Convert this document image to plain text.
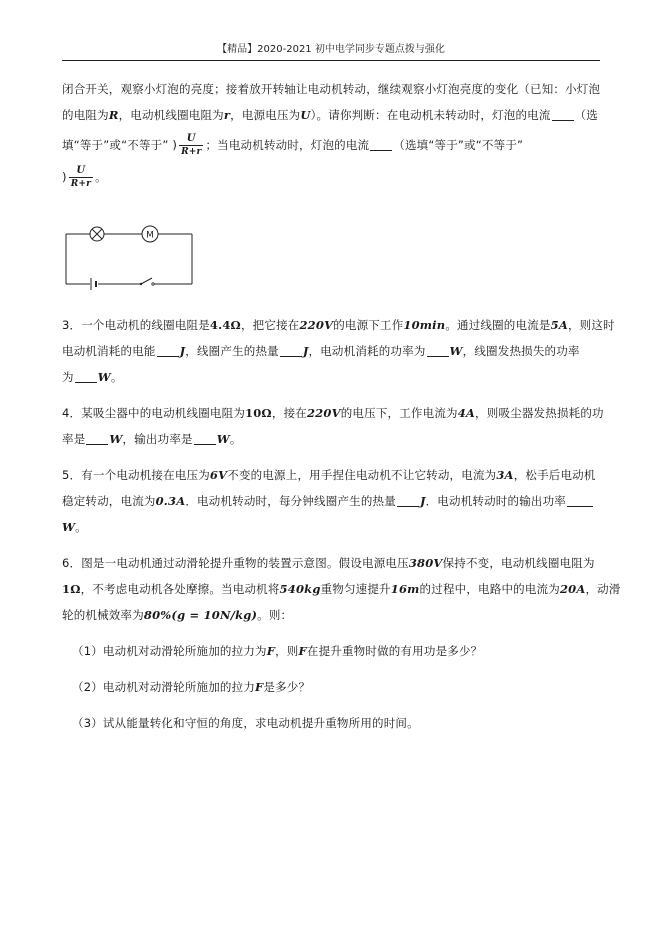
【精品】2020-2021 初中电学同步专题点拨与强化
闭合开关，观察小灯泡的亮度；接着放开转轴让电动机转动，继续观察小灯泡亮度的变化（已知：小灯泡
的电阻为R，电动机线圈电阻为r，电源电压为U）。请你判断：在电动机未转动时，灯泡的电流 （选
填“等于”或“不等于” ) $\frac{U}{R+r}$ ；当电动机转动时，灯泡的电流 （选填“等于”或“不等于”
) $\frac{U}{R+r}$ 。
M
3．一个电动机的线圈电阻是4.4Ω，把它接在220V的电源下工作10min。通过线圈的电流是5A，则这时
电动机消耗的电能 J，线圈产生的热量 J，电动机消耗的功率为 W，线圈发热损失的功率
为 W。
4．某吸尘器中的电动机线圈电阻为10Ω，接在220V的电压下，工作电流为4A，则吸尘器发热损耗的功
率是 W，输出功率是 W。
5．有一个电动机接在电压为6V不变的电源上，用手捏住电动机不让它转动，电流为3A，松手后电动机
稳定转动，电流为0.3A．电动机转动时，每分钟线圈产生的热量 J．电动机转动时的输出功率
W。
6．图是一电动机通过动滑轮提升重物的装置示意图。假设电源电压380V保持不变，电动机线圈电阻为
1Ω，不考虑电动机各处摩擦。当电动机将540kg重物匀速提升16m的过程中，电路中的电流为20A，动滑
轮的机械效率为80%(g = 10N/kg)。则：
（1）电动机对动滑轮所施加的拉力为F，则F在提升重物时做的有用功是多少？
（2）电动机对动滑轮所施加的拉力F是多少？
（3）试从能量转化和守恒的角度，求电动机提升重物所用的时间。
